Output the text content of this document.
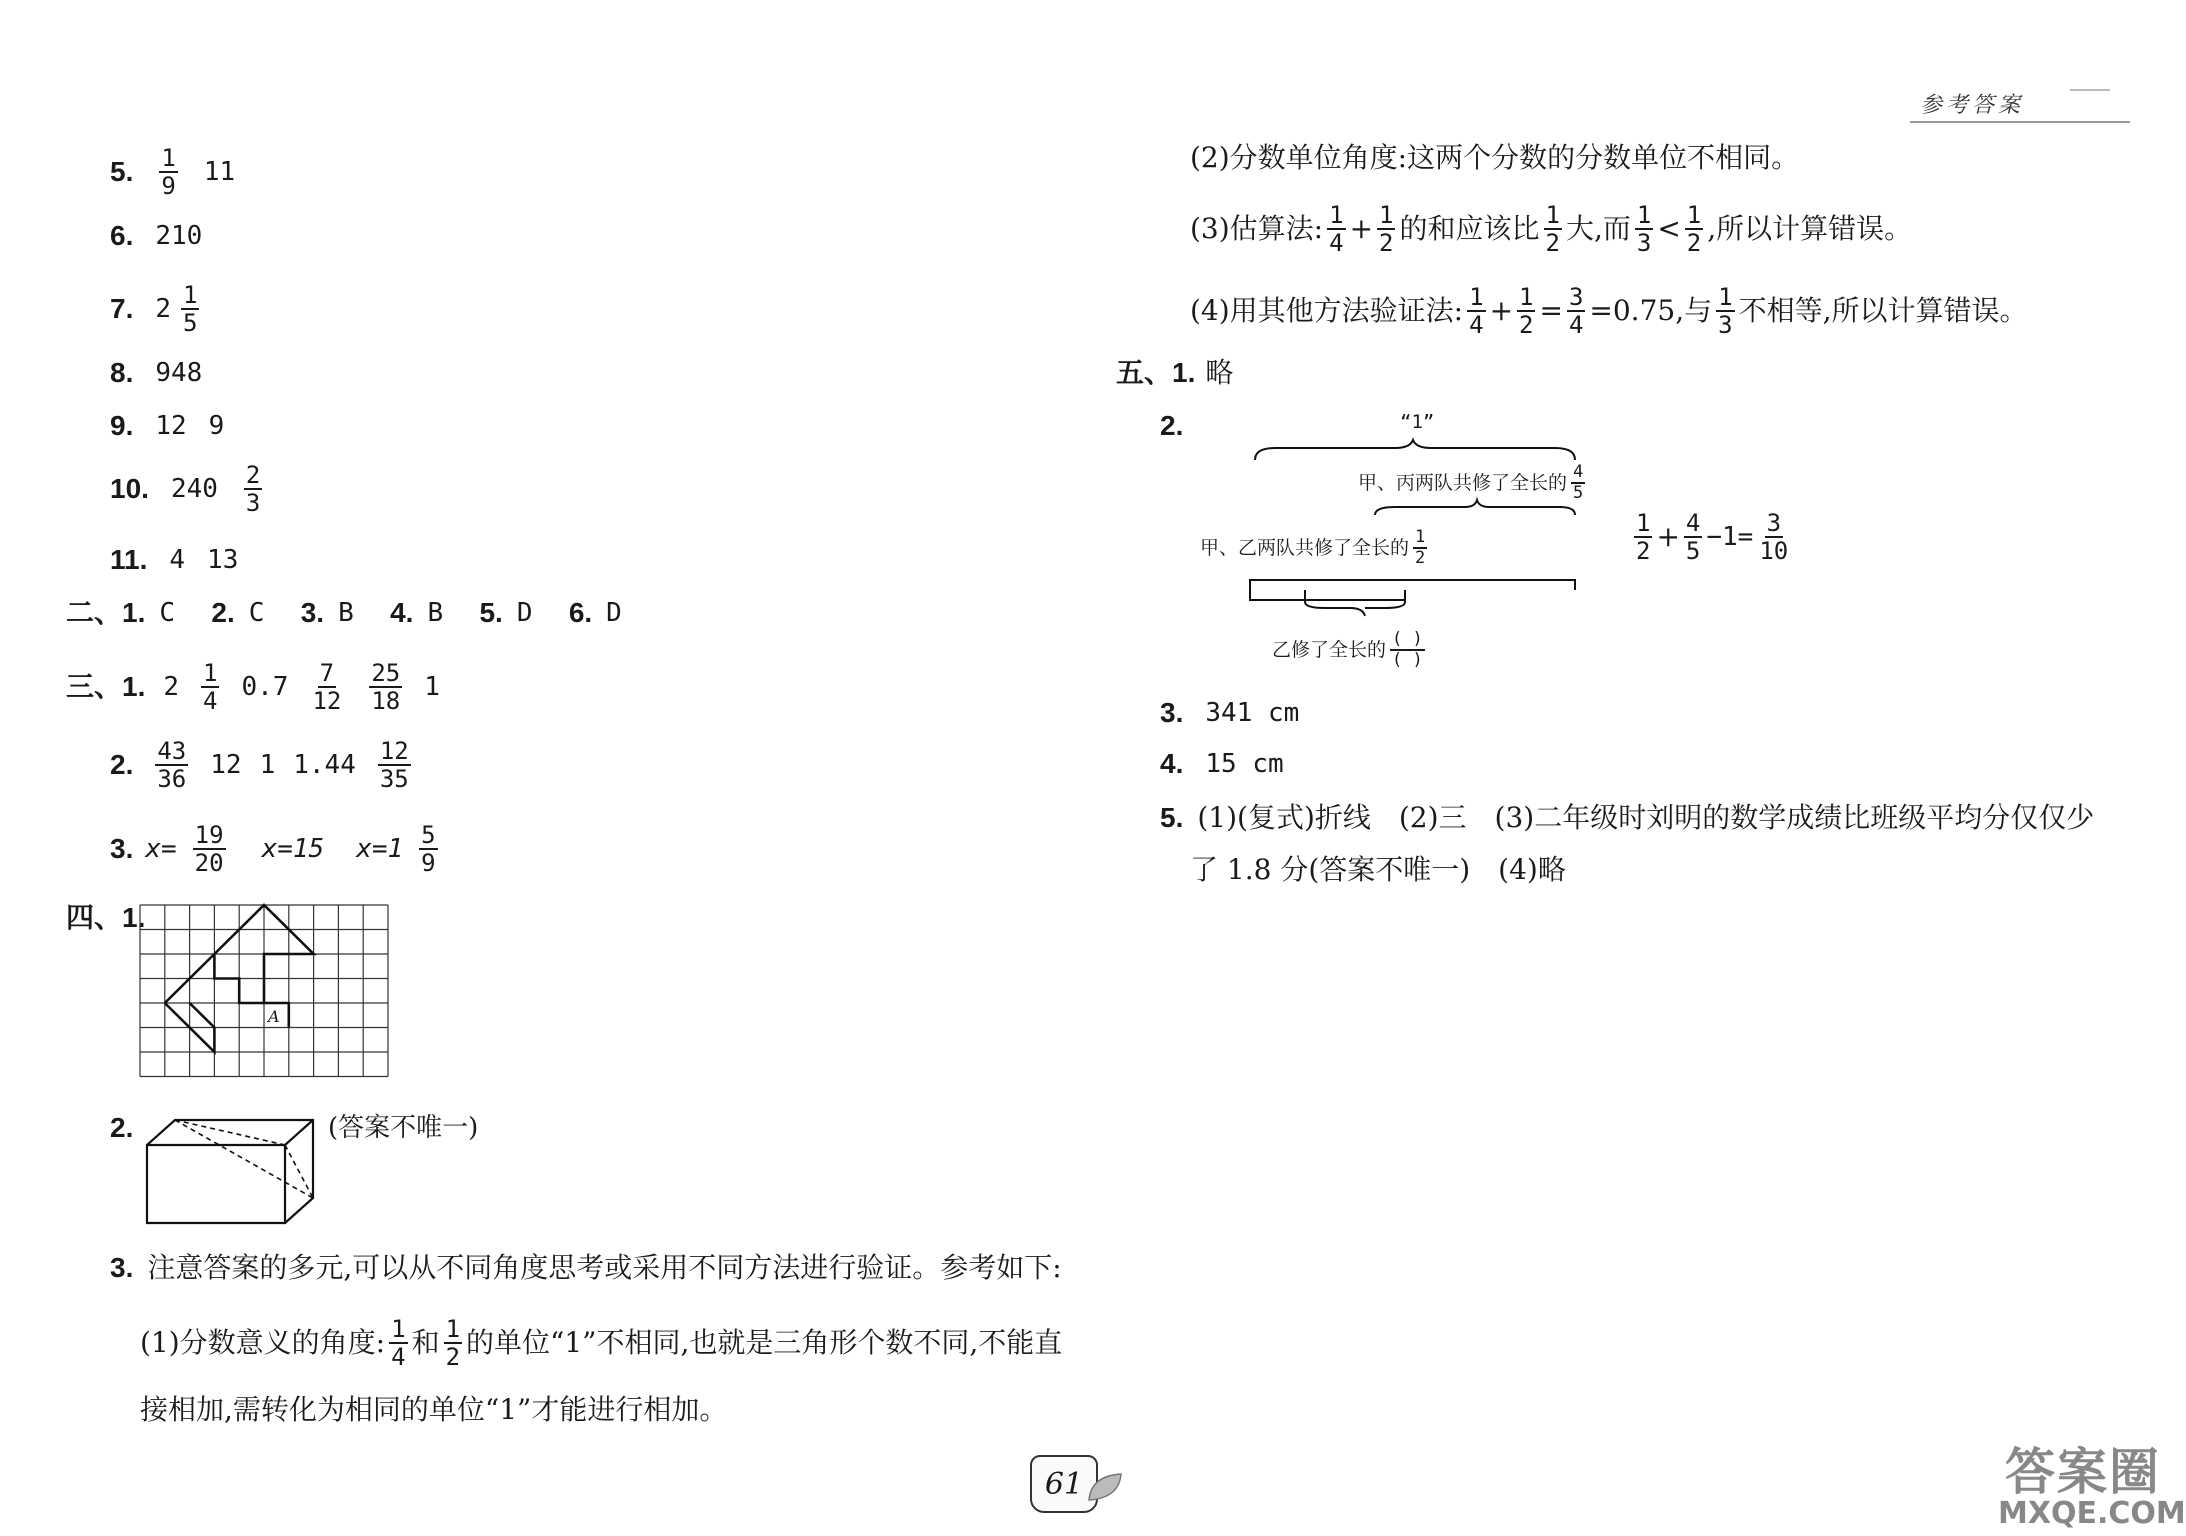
参考答案
5. $\frac{1}{9} 11$
6. 210
7. $2 \frac{1}{5}$
8. 948
9. 12 9
10. $240 \frac{2}{3}$
11. 4 13
二、 1. C	2. C	3. B	4. B	5. D	6. D
三、 1. $2 \frac{1}{4} 0.7 \frac{7}{12} \frac{25}{18} 1$
2. $\frac{43}{36} 12$ 1 $1.44 \frac{12}{35}$
3. $x= \frac{19}{20} x=15$ $x=1 \frac{5}{9}$
四、 1.
A
2.	(答案不唯一)
3. 注意答案的多元,可以从不同角度思考或采用不同方法进行验证。参考如下:
(1)分数意义的角度: $\frac{1}{4}$ 和 $\frac{1}{2}$ 的单位“1”不相同,也就是三角形个数不同,不能直
接相加,需转化为相同的单位“1”才能进行相加。
(2)分数单位角度:这两个分数的分数单位不相同。
(3)估算法: $\frac{1}{4} + \frac{1}{2}$ 的和应该比 $\frac{1}{2}$ 大,而 $\frac{1}{3} < \frac{1}{2}$ ,所以计算错误。
(4)用其他方法验证法: $\frac{1}{4} + \frac{1}{2} = \frac{3}{4} =0.75$,与 $\frac{1}{3}$ 不相等,所以计算错误。
五、 1. 略
2.	“1”
甲、丙两队共修了全长的 $\frac{4}{5}$
甲、乙两队共修了全长的 $\frac{1}{2}$
乙修了全长的 $\frac{( )}{( )}$
$\frac{1}{2} + \frac{4}{5} -1= \frac{3}{10}$
3. 341 cm
4. 15 cm
5. (1)(复式)折线　(2)三　(3)二年级时刘明的数学成绩比班级平均分仅仅少
了 1.8 分(答案不唯一)　(4)略
61	答案圈
MXQE.COM
